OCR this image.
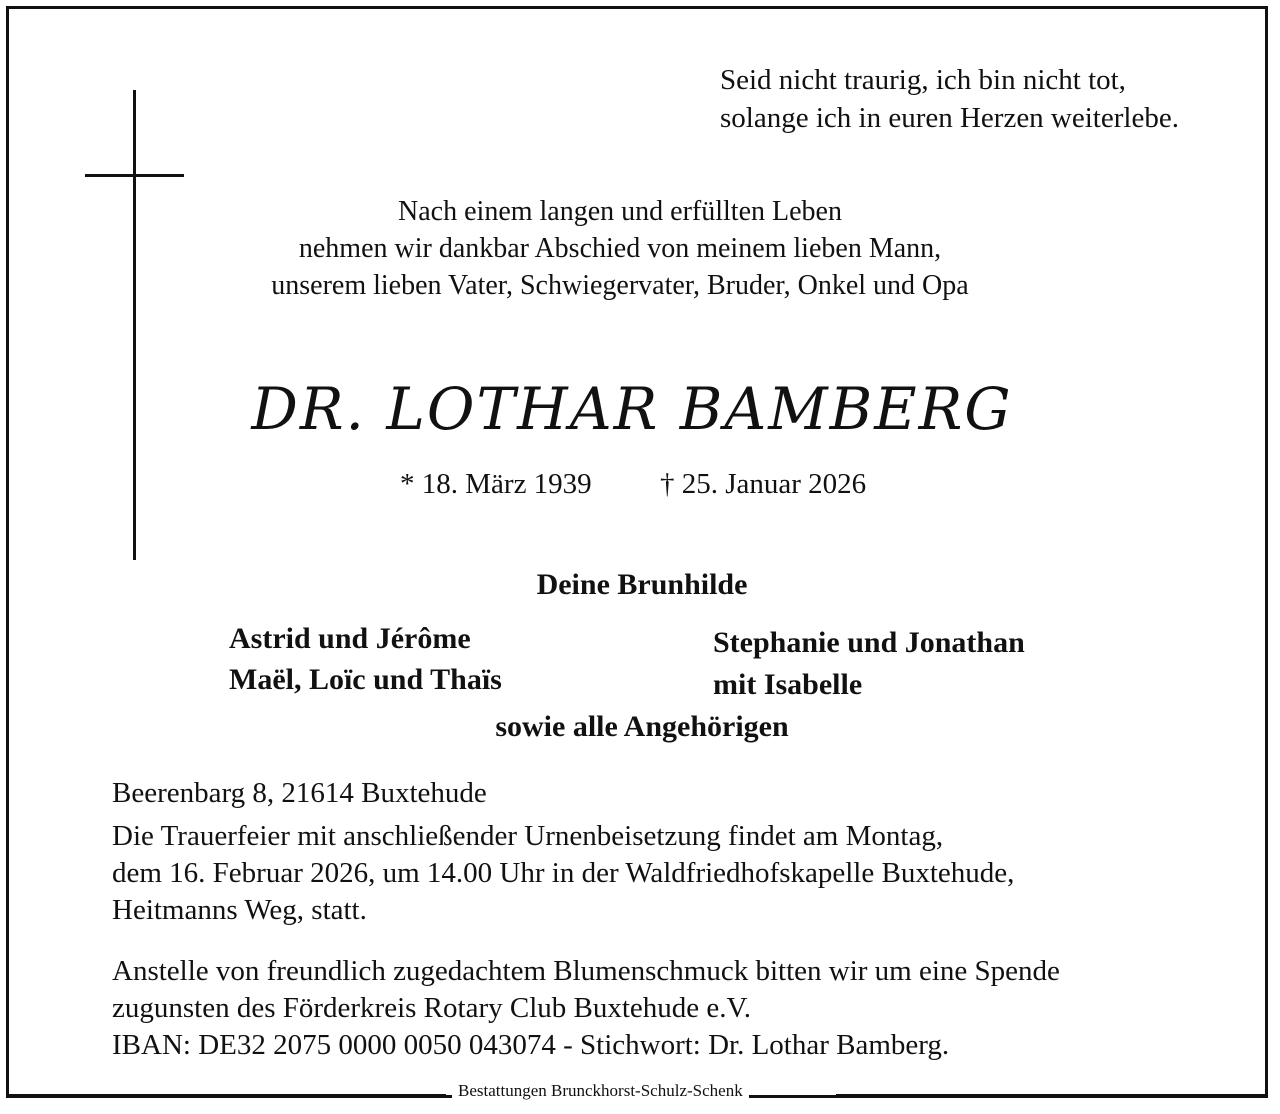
Seid nicht traurig, ich bin nicht tot,
solange ich in euren Herzen weiterlebe.
Nach einem langen und erfüllten Leben
nehmen wir dankbar Abschied von meinem lieben Mann,
unserem lieben Vater, Schwiegervater, Bruder, Onkel und Opa
DR. LOTHAR BAMBERG
* 18. März 1939 † 25. Januar 2026
Deine Brunhilde
Astrid und Jérôme
Maël, Loïc und Thaïs
Stephanie und Jonathan
mit Isabelle
sowie alle Angehörigen
Beerenbarg 8, 21614 Buxtehude
Die Trauerfeier mit anschließender Urnenbeisetzung findet am Montag,
dem 16. Februar 2026, um 14.00 Uhr in der Waldfriedhofskapelle Buxtehude,
Heitmanns Weg, statt.
Anstelle von freundlich zugedachtem Blumenschmuck bitten wir um eine Spende
zugunsten des Förderkreis Rotary Club Buxtehude e.V.
IBAN: DE32 2075 0000 0050 043074 - Stichwort: Dr. Lothar Bamberg.
Bestattungen Brunckhorst-Schulz-Schenk
